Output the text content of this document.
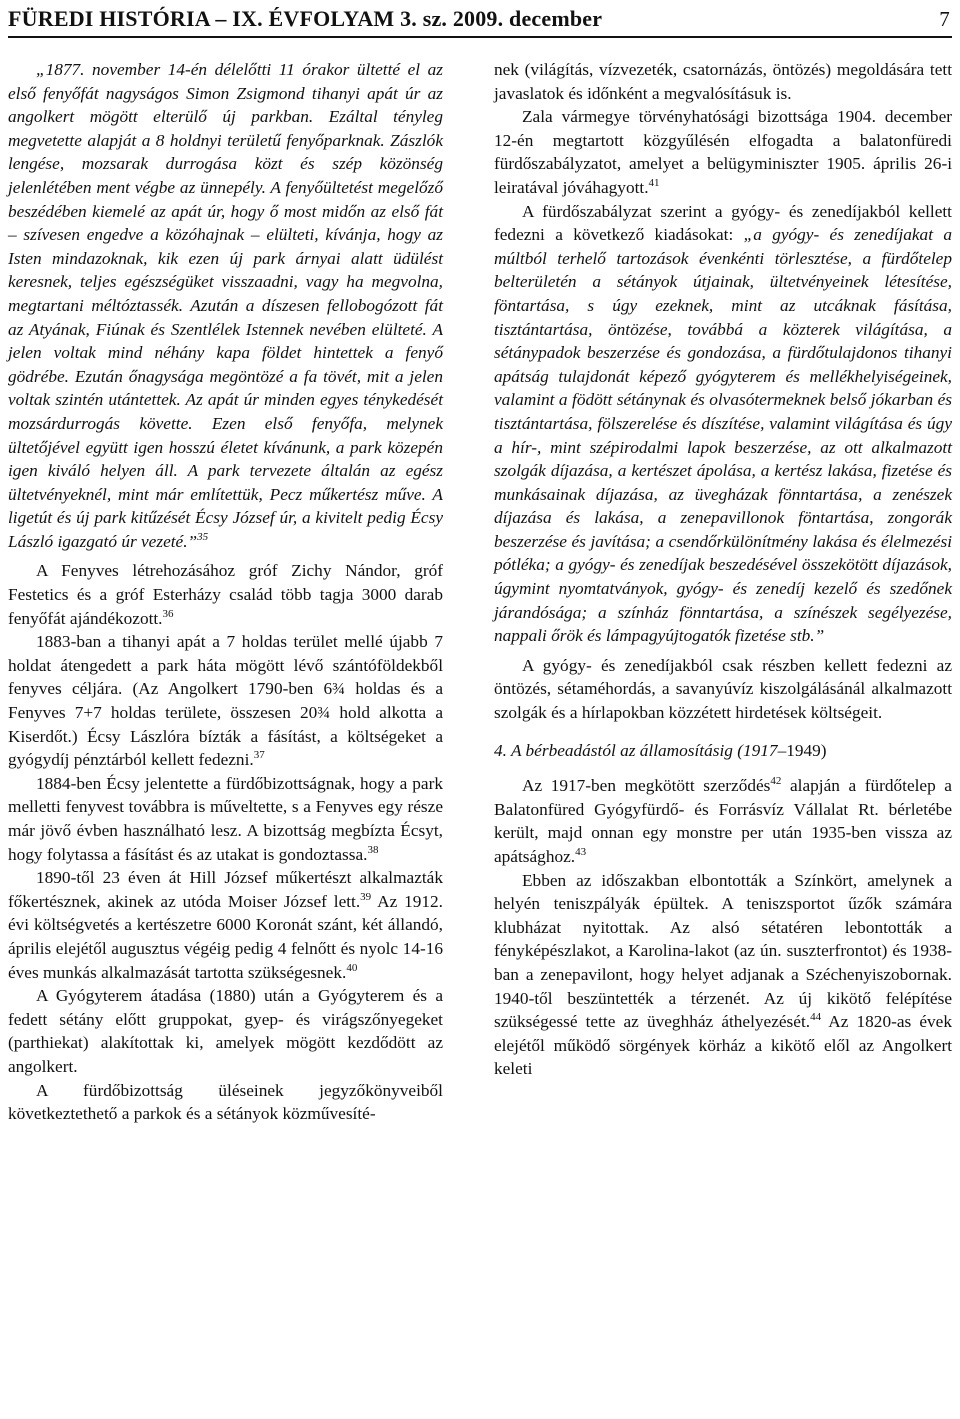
FÜREDI HISTÓRIA – IX. ÉVFOLYAM 3. sz. 2009. december	7

„1877. november 14-én délelőtti 11 órakor ültetté el az első fenyőfát nagyságos Simon Zsigmond tihanyi apát úr az angolkert mögött elterülő új parkban. Ezáltal tényleg megvetette alapját a 8 holdnyi területű fenyőparknak. Zászlók lengése, mozsarak durrogása közt és szép közönség jelenlétében ment végbe az ünnepély. A fenyőültetést megelőző beszédében kiemelé az apát úr, hogy ő most midőn az első fát – szívesen engedve a közóhajnak – elülteti, kívánja, hogy az Isten mindazoknak, kik ezen új park árnyai alatt üdülést keresnek, teljes egészségüket visszaadni, vagy ha megvolna, megtartani méltóztassék. Azután a díszesen fellobogózott fát az Atyának, Fiúnak és Szentlélek Istennek nevében elülteté. A jelen voltak mind néhány kapa földet hintettek a fenyő gödrébe. Ezután őnagysága megöntözé a fa tövét, mit a jelen voltak szintén utántettek. Az apát úr minden egyes ténykedését mozsárdurrogás követte. Ezen első fenyőfa, melynek ültetőjével együtt igen hosszú életet kívánunk, a park közepén igen kiváló helyen áll. A park tervezete általán az egész ültetvényeknél, mint már említettük, Pecz műkertész műve. A ligetút és új park kitűzését Écsy József úr, a kivitelt pedig Écsy László igazgató úr vezeté.”$^{35}$

A Fenyves létrehozásához gróf Zichy Nándor, gróf Festetics és a gróf Esterházy család több tagja 3000 darab fenyőfát ajándékozott.$^{36}$

1883-ban a tihanyi apát a 7 holdas terület mellé újabb 7 holdat átengedett a park háta mögött lévő szántóföldekből fenyves céljára. (Az Angolkert 1790-ben 6¾ holdas és a Fenyves 7+7 holdas területe, összesen 20¾ hold alkotta a Kiserdőt.) Écsy Lászlóra bízták a fásítást, a költségeket a gyógydíj pénztárból kellett fedezni.$^{37}$

1884-ben Écsy jelentette a fürdőbizottságnak, hogy a park melletti fenyvest továbbra is műveltette, s a Fenyves egy része már jövő évben használható lesz. A bizottság megbízta Écsyt, hogy folytassa a fásítást és az utakat is gondoztassa.$^{38}$

1890-től 23 éven át Hill József műkertészt alkalmazták főkertésznek, akinek az utóda Moiser József lett.$^{39}$ Az 1912. évi költségvetés a kertészetre 6000 Koronát szánt, két állandó, április elejétől augusztus végéig pedig 4 felnőtt és nyolc 14-16 éves munkás alkalmazását tartotta szükségesnek.$^{40}$

A Gyógyterem átadása (1880) után a Gyógyterem és a fedett sétány előtt gruppokat, gyep- és virágszőnyegeket (parthiekat) alakítottak ki, amelyek mögött kezdődött az angolkert.

A fürdőbizottság üléseinek jegyzőkönyveiből következtethető a parkok és a sétányok közművesíté-

nek (világítás, vízvezeték, csatornázás, öntözés) megoldására tett javaslatok és időnként a megvalósításuk is.

Zala vármegye törvényhatósági bizottsága 1904. december 12-én megtartott közgyűlésén elfogadta a balatonfüredi fürdőszabályzatot, amelyet a belügyminiszter 1905. április 26-i leiratával jóváhagyott.$^{41}$

A fürdőszabályzat szerint a gyógy- és zenedíjakból kellett fedezni a következő kiadásokat: „a gyógy- és zenedíjakat a múltból terhelő tartozások évenkénti törlesztése, a fürdőtelep belterületén a sétányok útjainak, ültetvényeinek létesítése, föntartása, s úgy ezeknek, mint az utcáknak fásítása, tisztántartása, öntözése, továbbá a közterek világítása, a sétánypadok beszerzése és gondozása, a fürdőtulajdonos tihanyi apátság tulajdonát képező gyógyterem és mellékhelyiségeinek, valamint a födött sétánynak és olvasótermeknek belső jókarban és tisztántartása, fölszerelése és díszítése, valamint világítása és úgy a hír-, mint szépirodalmi lapok beszerzése, az ott alkalmazott szolgák díjazása, a kertészet ápolása, a kertész lakása, fizetése és munkásainak díjazása, az üvegházak fönntartása, a zenészek díjazása és lakása, a zenepavillonok föntartása, zongorák beszerzése és javítása; a csendőrkülönítmény lakása és élelmezési pótléka; a gyógy- és zenedíjak beszedésével összekötött díjazások, úgymint nyomtatványok, gyógy- és zenedíj kezelő és szedőnek járandósága; a színház fönntartása, a színészek segélyezése, nappali őrök és lámpagyújtogatók fizetése stb.”

A gyógy- és zenedíjakból csak részben kellett fedezni az öntözés, sétaméhordás, a savanyúvíz kiszolgálásánál alkalmazott szolgák és a hírlapokban közzétett hirdetések költségeit.

4. A bérbeadástól az államosításig (1917–1949)

Az 1917-ben megkötött szerződés$^{42}$ alapján a fürdőtelep a Balatonfüred Gyógyfürdő- és Forrásvíz Vállalat Rt. bérletébe került, majd onnan egy monstre per után 1935-ben vissza az apátsághoz.$^{43}$

Ebben az időszakban elbontották a Színkört, amelynek a helyén teniszpályák épültek. A teniszsportot űzők számára klubházat nyitottak. Az alsó sétatéren lebontották a fényképészlakot, a Karolina-lakot (az ún. suszterfrontot) és 1938-ban a zenepavilont, hogy helyet adjanak a Széchenyiszobornak. 1940-től beszüntették a térzenét. Az új kikötő felépítése szükségessé tette az üveghház áthelyezését.$^{44}$ Az 1820-as évek elejétől működő sörgények körház a kikötő elől az Angolkert keleti
